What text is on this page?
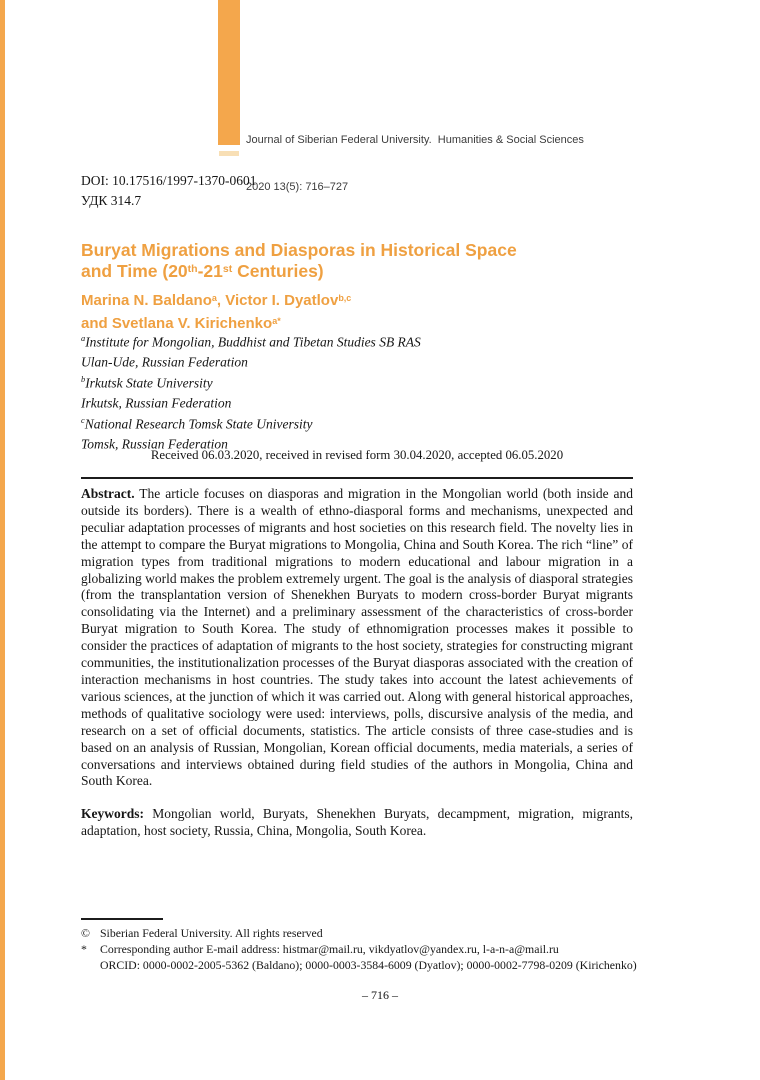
Journal of Siberian Federal University.  Humanities & Social Sciences

2020 13(5): 716–727

DOI: 10.17516/1997-1370-0601
УДК 314.7
Buryat Migrations and Diasporas in Historical Space
and Time (20th-21st Centuries)
Marina N. Baldano$^a$, Victor I. Dyatlov$^{b,c}$
and Svetlana V. Kirichenko$^{a*}$
$^a$Institute for Mongolian, Buddhist and Tibetan Studies SB RAS
Ulan-Ude, Russian Federation
$^b$Irkutsk State University
Irkutsk, Russian Federation
$^c$National Research Tomsk State University
Tomsk, Russian Federation
Received 06.03.2020, received in revised form 30.04.2020, accepted 06.05.2020

Abstract. The article focuses on diasporas and migration in the Mongolian world (both inside and outside its borders). There is a wealth of ethno-diasporal forms and mechanisms, unexpected and peculiar adaptation processes of migrants and host societies on this research field. The novelty lies in the attempt to compare the Buryat migrations to Mongolia, China and South Korea. The rich “line” of migration types from traditional migrations to modern educational and labour migration in a globalizing world makes the problem extremely urgent. The goal is the analysis of diasporal strategies (from the transplantation version of Shenekhen Buryats to modern cross-border Buryat migrants consolidating via the Internet) and a preliminary assessment of the characteristics of cross-border Buryat migration to South Korea. The study of ethnomigration processes makes it possible to consider the practices of adaptation of migrants to the host society, strategies for constructing migrant communities, the institutionalization processes of the Buryat diasporas associated with the creation of interaction mechanisms in host countries. The study takes into account the latest achievements of various sciences, at the junction of which it was carried out. Along with general historical approaches, methods of qualitative sociology were used: interviews, polls, discursive analysis of the media, and research on a set of official documents, statistics. The article consists of three case-studies and is based on an analysis of Russian, Mongolian, Korean official documents, media materials, a series of conversations and interviews obtained during field studies of the authors in Mongolia, China and South Korea.

Keywords: Mongolian world, Buryats, Shenekhen Buryats, decampment, migration, migrants, adaptation, host society, Russia, China, Mongolia, South Korea.

© Siberian Federal University. All rights reserved
*	Corresponding author E-mail address: histmar@mail.ru, vikdyatlov@yandex.ru, l-a-n-a@mail.ru
ORCID: 0000-0002-2005-5362 (Baldano); 0000-0003-3584-6009 (Dyatlov); 0000-0002-7798-0209 (Kirichenko)
– 716 –
